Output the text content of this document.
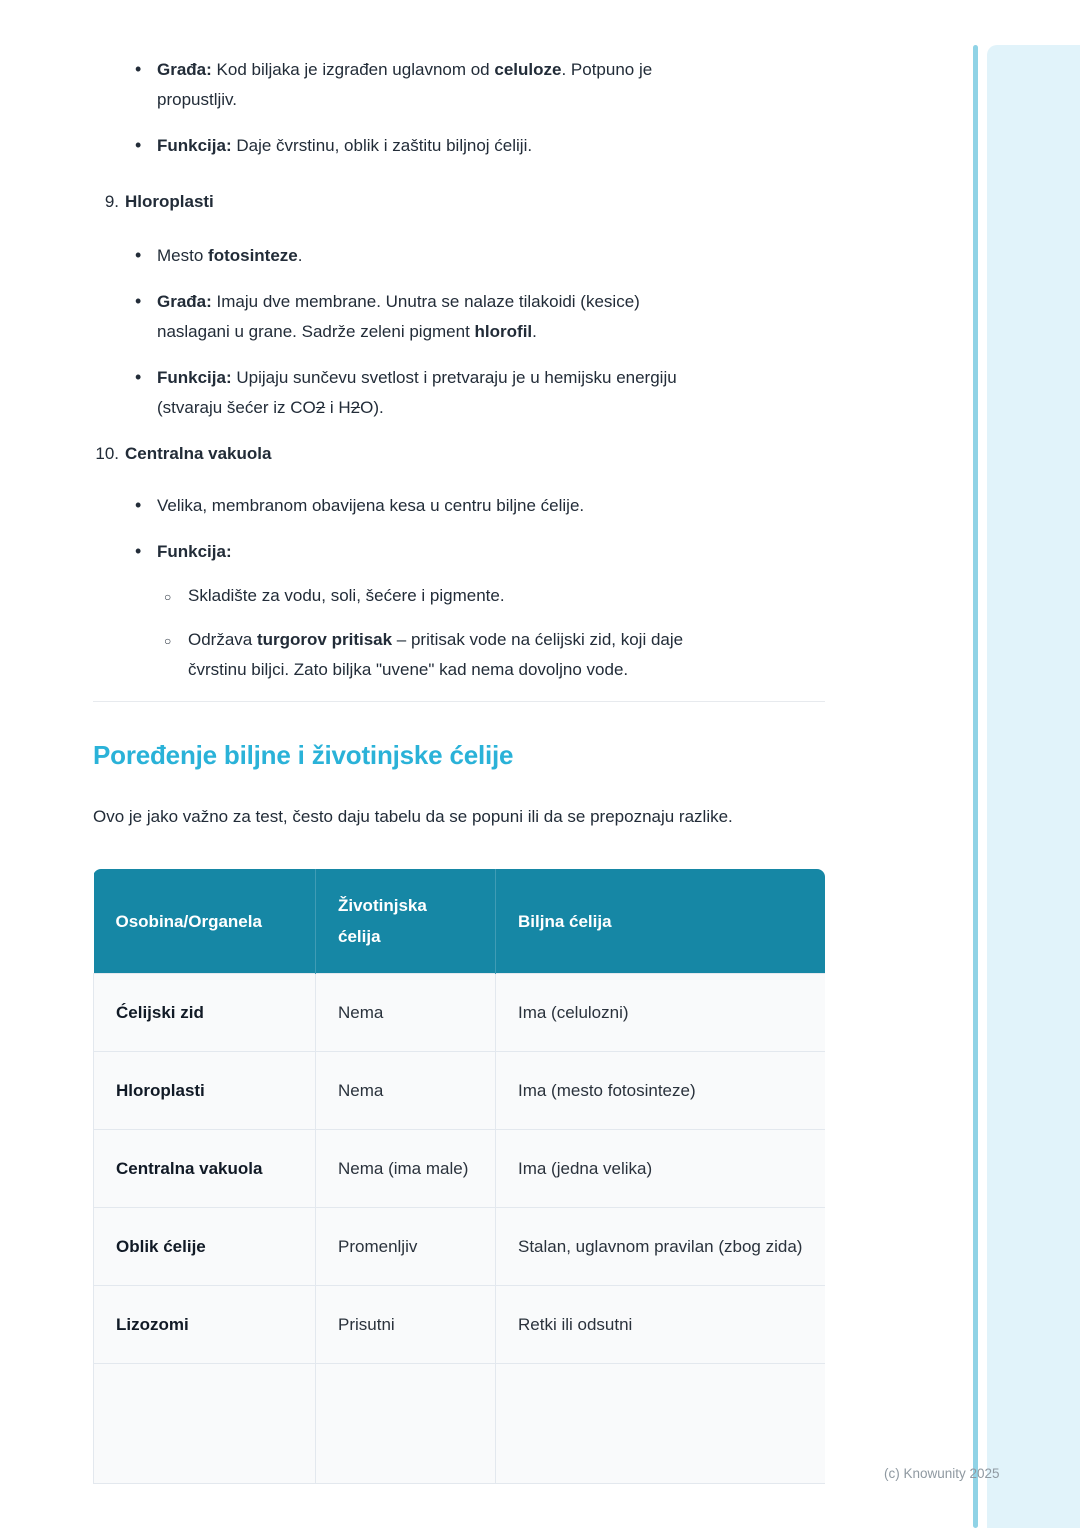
• Građa: Kod biljaka je izgrađen uglavnom od celuloze. Potpuno je
propustljiv.
• Funkcija: Daje čvrstinu, oblik i zaštitu biljnoj ćeliji.
9. Hloroplasti
• Mesto fotosinteze.
• Građa: Imaju dve membrane. Unutra se nalaze tilakoidi (kesice)
naslagani u grane. Sadrže zeleni pigment hlorofil.
• Funkcija: Upijaju sunčevu svetlost i pretvaraju je u hemijsku energiju
(stvaraju šećer iz CO2 i H2O).
10. Centralna vakuola
• Velika, membranom obavijena kesa u centru biljne ćelije.
• Funkcija:
○ Skladište za vodu, soli, šećere i pigmente.
○ Održava turgorov pritisak – pritisak vode na ćelijski zid, koji daje
čvrstinu biljci. Zato biljka "uvene" kad nema dovoljno vode.
Poređenje biljne i životinjske ćelije

Ovo je jako važno za test, često daju tabelu da se popuni ili da se prepoznaju razlike.

Osobina/Organela	Životinjska ćelija	Biljna ćelija
Ćelijski zid	Nema	Ima (celulozni)
Hloroplasti	Nema	Ima (mesto fotosinteze)
Centralna vakuola	Nema (ima male)	Ima (jedna velika)
Oblik ćelije	Promenljiv	Stalan, uglavnom pravilan (zbog zida)
Lizozomi	Prisutni	Retki ili odsutni

(c) Knowunity 2025
